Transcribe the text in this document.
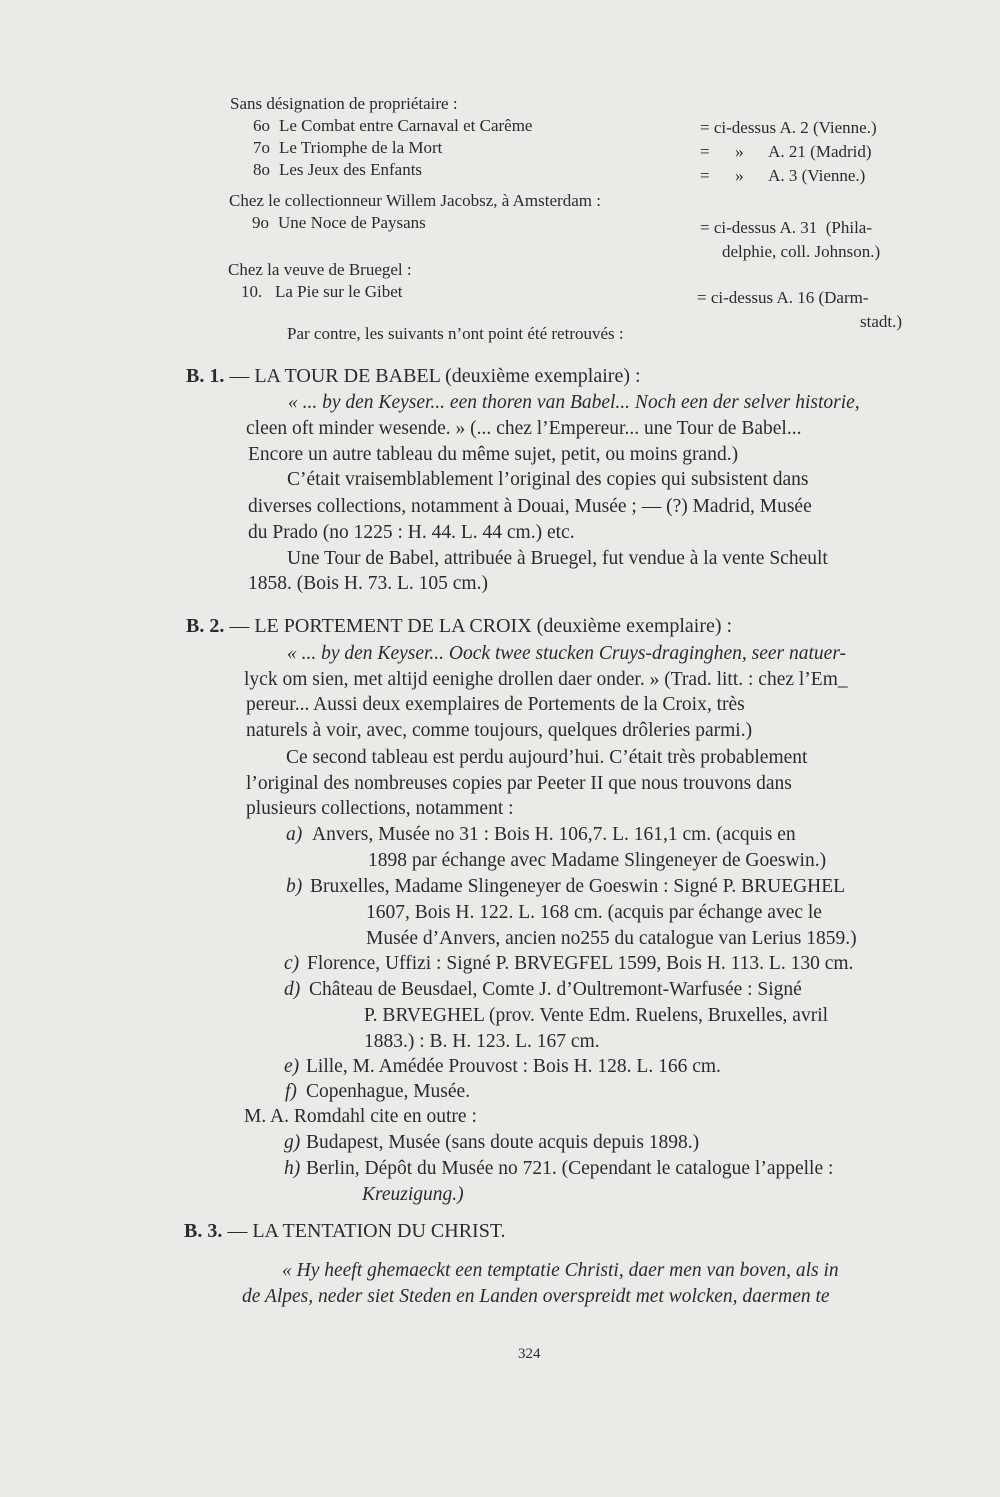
Sans désignation de propriétaire :
6o Le Combat entre Carnaval et Carême	= ci-dessus A. 2 (Vienne.)
7o Le Triomphe de la Mort	=      »      A. 21 (Madrid)
8o Les Jeux des Enfants	=      »      A. 3 (Vienne.)
Chez le collectionneur Willem Jacobsz, à Amsterdam :
9o Une Noce de Paysans	= ci-dessus A. 31  (Phila-
delphie, coll. Johnson.)
Chez la veuve de Bruegel :
10. La Pie sur le Gibet	= ci-dessus A. 16 (Darm-
stadt.)
Par contre, les suivants n’ont point été retrouvés :
B. 1. — LA TOUR DE BABEL (deuxième exemplaire) :
« ... by den Keyser... een thoren van Babel... Noch een der selver historie,
cleen oft minder wesende. » (... chez l’Empereur... une Tour de Babel...
Encore un autre tableau du même sujet, petit, ou moins grand.)
C’était vraisemblablement l’original des copies qui subsistent dans
diverses collections, notamment à Douai, Musée ; — (?) Madrid, Musée
du Prado (no 1225 : H. 44. L. 44 cm.) etc.
Une Tour de Babel, attribuée à Bruegel, fut vendue à la vente Scheult
1858. (Bois H. 73. L. 105 cm.)
B. 2. — LE PORTEMENT DE LA CROIX (deuxième exemplaire) :
« ... by den Keyser... Oock twee stucken Cruys-draginghen, seer natuer-
lyck om sien, met altijd eenighe drollen daer onder. » (Trad. litt. : chez l’Em_
pereur... Aussi deux exemplaires de Portements de la Croix, très
naturels à voir, avec, comme toujours, quelques drôleries parmi.)
Ce second tableau est perdu aujourd’hui. C’était très probablement
l’original des nombreuses copies par Peeter II que nous trouvons dans
plusieurs collections, notamment :
a) Anvers, Musée no 31 : Bois H. 106,7. L. 161,1 cm. (acquis en
1898 par échange avec Madame Slingeneyer de Goeswin.)
b) Bruxelles, Madame Slingeneyer de Goeswin : Signé P. BRUEGHEL
1607, Bois H. 122. L. 168 cm. (acquis par échange avec le
Musée d’Anvers, ancien no255 du catalogue van Lerius 1859.)
c) Florence, Uffizi : Signé P. BRVEGFEL 1599, Bois H. 113. L. 130 cm.
d) Château de Beusdael, Comte J. d’Oultremont-Warfusée : Signé
P. BRVEGHEL (prov. Vente Edm. Ruelens, Bruxelles, avril
1883.) : B. H. 123. L. 167 cm.
e) Lille, M. Amédée Prouvost : Bois H. 128. L. 166 cm.
f) Copenhague, Musée.
M. A. Romdahl cite en outre :
g) Budapest, Musée (sans doute acquis depuis 1898.)
h) Berlin, Dépôt du Musée no 721. (Cependant le catalogue l’appelle :
Kreuzigung.)
B. 3. — LA TENTATION DU CHRIST.
« Hy heeft ghemaeckt een temptatie Christi, daer men van boven, als in
de Alpes, neder siet Steden en Landen overspreidt met wolcken, daermen te
324
